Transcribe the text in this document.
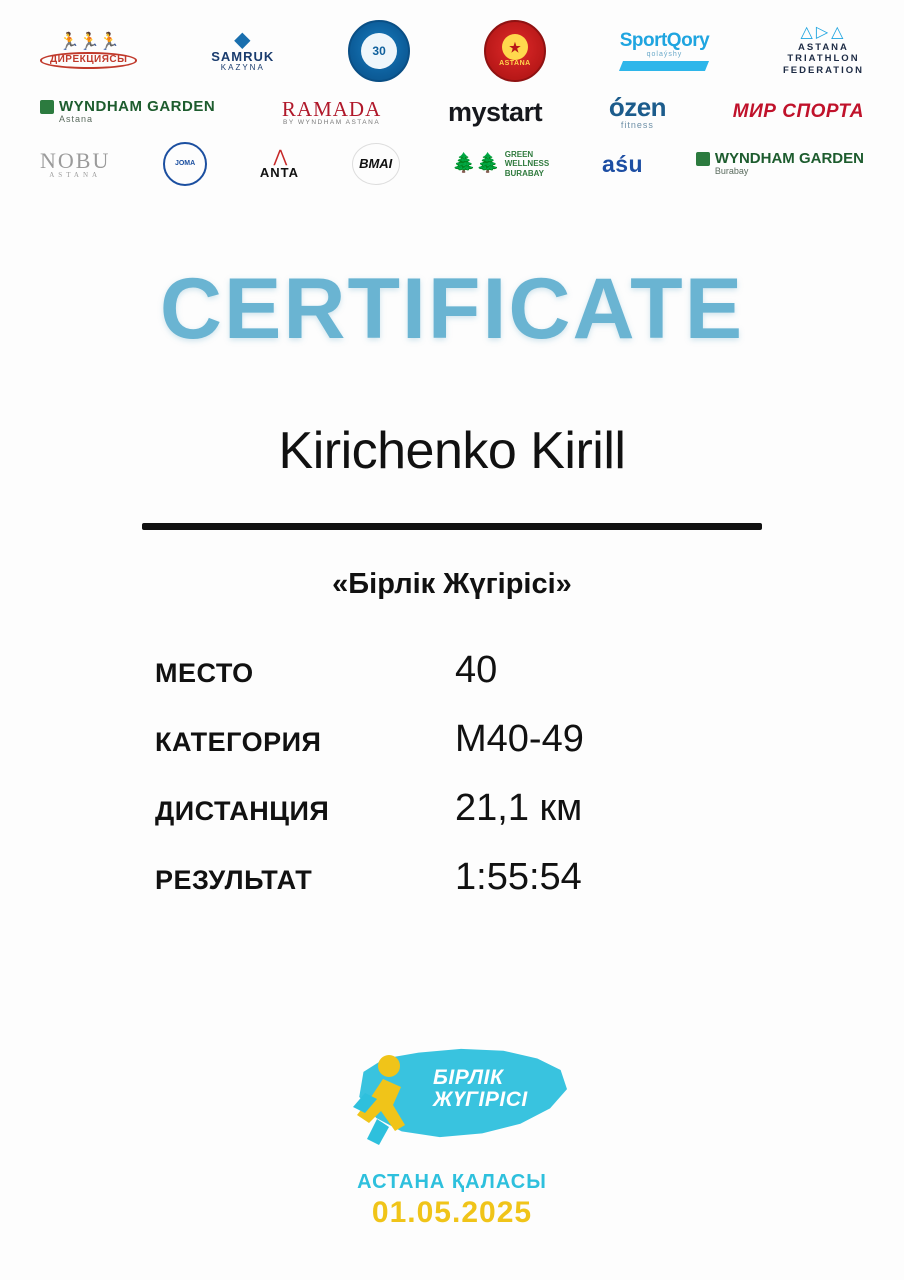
🏃🏃🏃
ДИРЕКЦИЯСЫ
◆
SAMRUK
KAZYNA
30	★
ASTANA
SportQory
qolaýshy
△▷△
ASTANA
TRIATHLON
FEDERATION
WYNDHAM GARDEN
Astana	RAMADA
BY WYNDHAM ASTANA	mystart	ózen
fitness
МИР СПОРТА
NOBU
ASTANA
JOMA	⋀
ANTA
BMAI	🌲🌲 GREEN
WELLNESS
BURABAY	aśu	WYNDHAM GARDEN
Burabay
CERTIFICATE
Kirichenko Kirill
«Бірлік Жүгірісі»
МЕСТО	40
КАТЕГОРИЯ	M40-49
ДИСТАНЦИЯ	21,1 км
РЕЗУЛЬТАТ	1:55:54
БІРЛІК
ЖҮГІРІСІ
АСТАНА ҚАЛАСЫ
01.05.2025
